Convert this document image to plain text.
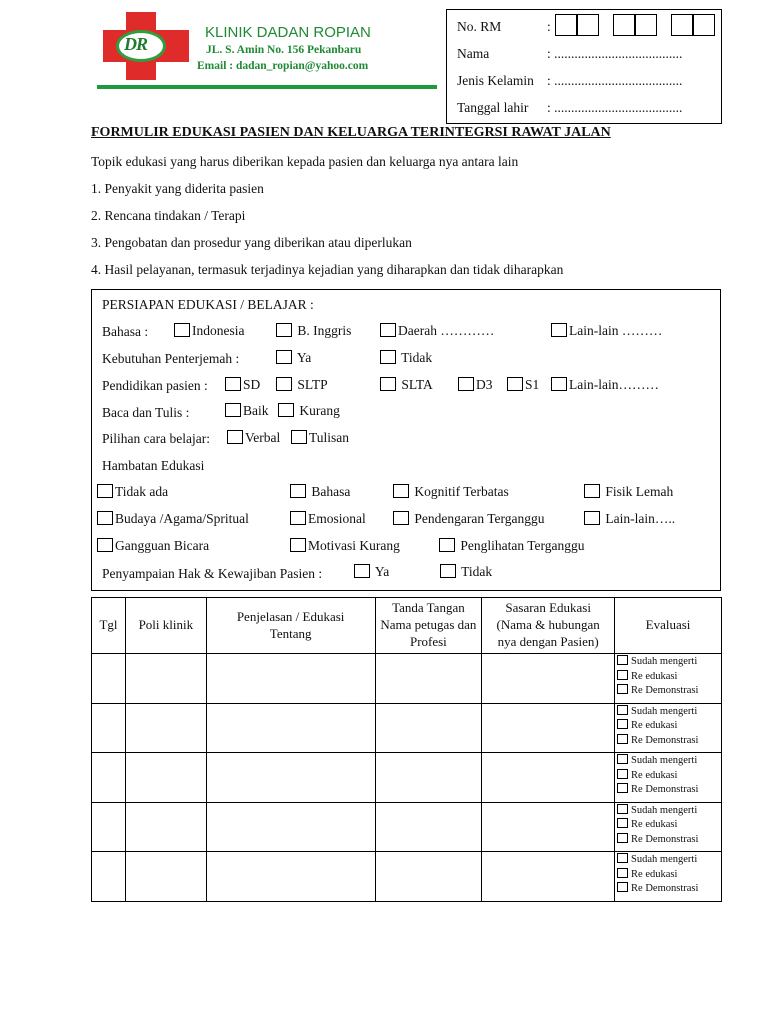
DR
KLINIK DADAN ROPIAN
JL. S. Amin No. 156 Pekanbaru
Email : dadan_ropian@yahoo.com
No. RM	:
Nama	: ......................................
Jenis Kelamin : ......................................
Tanggal lahir : ......................................
FORMULIR EDUKASI PASIEN DAN KELUARGA TERINTEGRSI RAWAT JALAN
Topik edukasi yang harus diberikan kepada pasien dan keluarga nya antara lain
1. Penyakit yang diderita pasien
2. Rencana tindakan / Terapi
3. Pengobatan dan prosedur yang diberikan atau diperlukan
4. Hasil pelayanan, termasuk terjadinya kejadian yang diharapkan dan tidak diharapkan
PERSIAPAN EDUKASI / BELAJAR :
Bahasa :	Indonesia	B. Inggris	Daerah …………	Lain-lain ………
Kebutuhan Penterjemah :	Ya	Tidak
Pendidikan pasien :	SD	SLTP	SLTA	D3	S1	Lain-lain………
Baca dan Tulis :	Baik	Kurang
Pilihan cara belajar:	Verbal	Tulisan
Hambatan Edukasi
Tidak ada	Bahasa	Kognitif Terbatas	Fisik Lemah
Budaya /Agama/Spritual	Emosional	Pendengaran Terganggu	Lain-lain…..
Gangguan Bicara	Motivasi Kurang	Penglihatan Terganggu
Penyampaian Hak & Kewajiban Pasien :	Ya	Tidak
Tgl	Poli klinik	Penjelasan / Edukasi Tentang	Tanda Tangan Nama petugas dan Profesi	Sasaran Edukasi (Nama & hubungan nya dengan Pasien)	Evaluasi

					Sudah mengerti
Re edukasi
Re Demonstrasi

					Sudah mengerti
Re edukasi
Re Demonstrasi

					Sudah mengerti
Re edukasi
Re Demonstrasi

					Sudah mengerti
Re edukasi
Re Demonstrasi

					Sudah mengerti
Re edukasi
Re Demonstrasi
